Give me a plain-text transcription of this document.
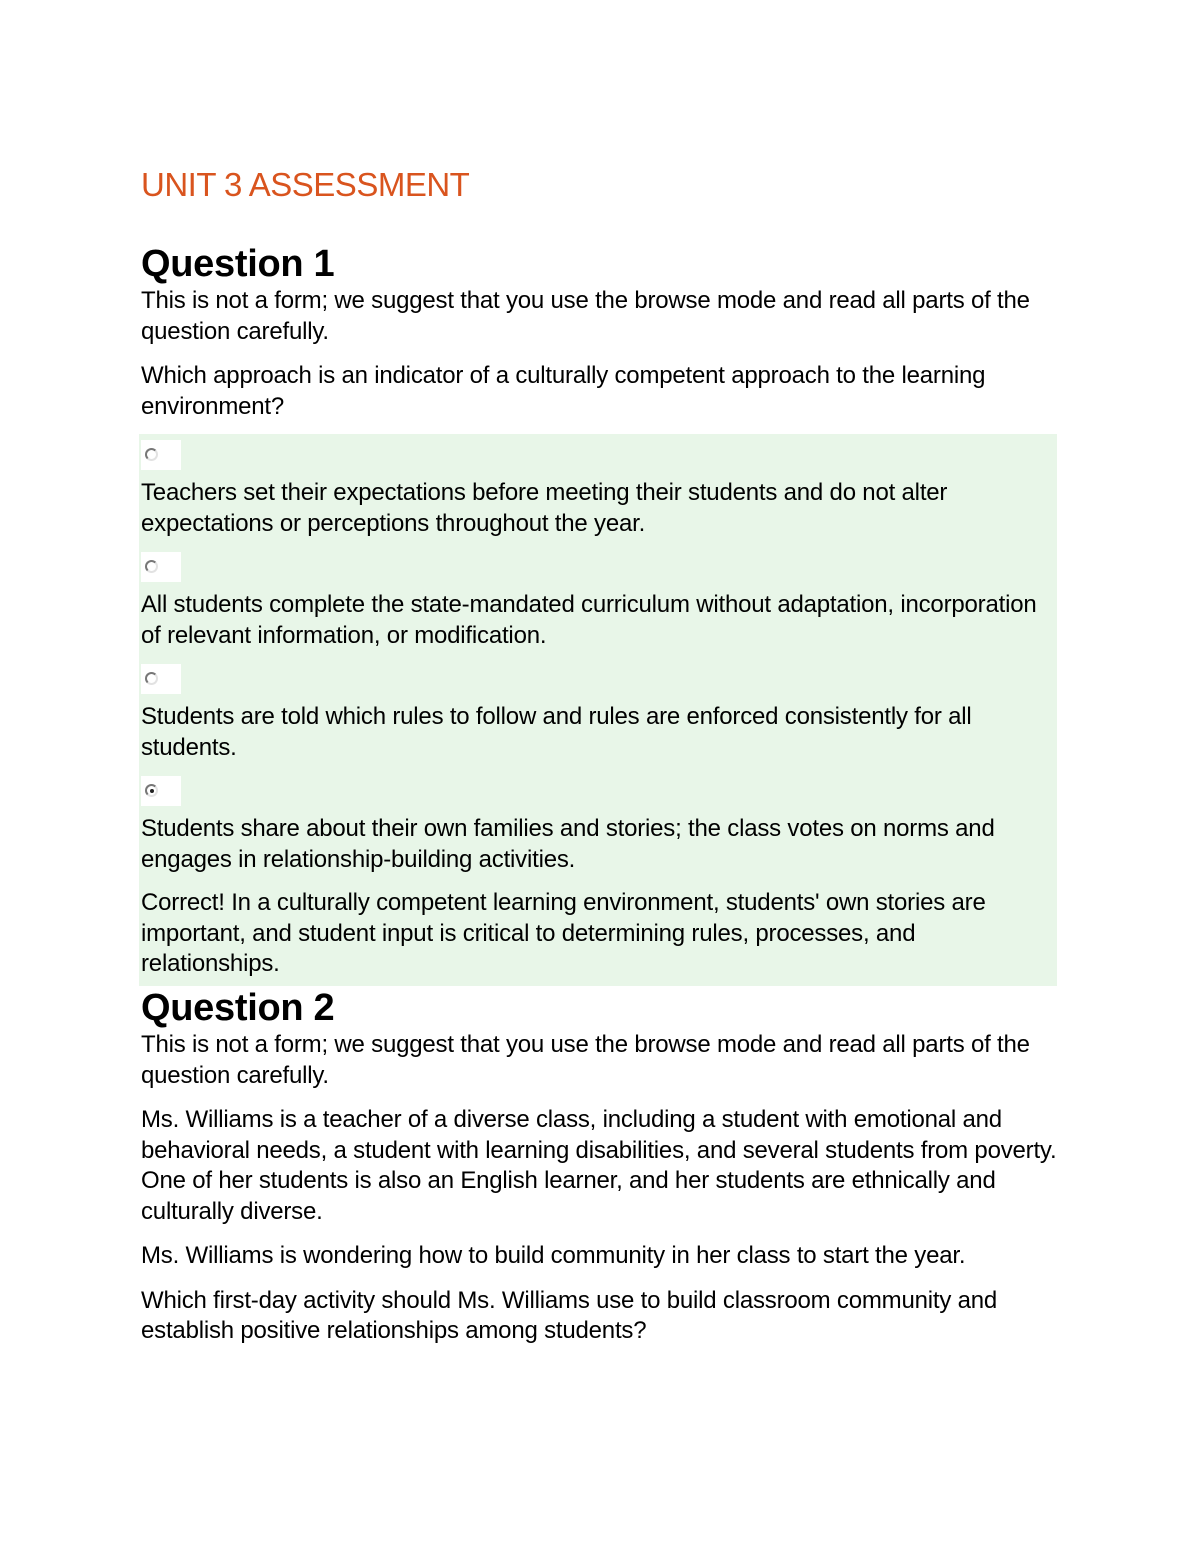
UNIT 3 ASSESSMENT
Question 1

This is not a form; we suggest that you use the browse mode and read all parts of the question carefully.

Which approach is an indicator of a culturally competent approach to the learning environment?

Teachers set their expectations before meeting their students and do not alter expectations or perceptions throughout the year.

All students complete the state-mandated curriculum without adaptation, incorporation of relevant information, or modification.

Students are told which rules to follow and rules are enforced consistently for all students.

Students share about their own families and stories; the class votes on norms and engages in relationship-building activities.

Correct! In a culturally competent learning environment, students' own stories are important, and student input is critical to determining rules, processes, and relationships.

Question 2

This is not a form; we suggest that you use the browse mode and read all parts of the question carefully.

Ms. Williams is a teacher of a diverse class, including a student with emotional and behavioral needs, a student with learning disabilities, and several students from poverty. One of her students is also an English learner, and her students are ethnically and culturally diverse.

Ms. Williams is wondering how to build community in her class to start the year.

Which first-day activity should Ms. Williams use to build classroom community and establish positive relationships among students?
